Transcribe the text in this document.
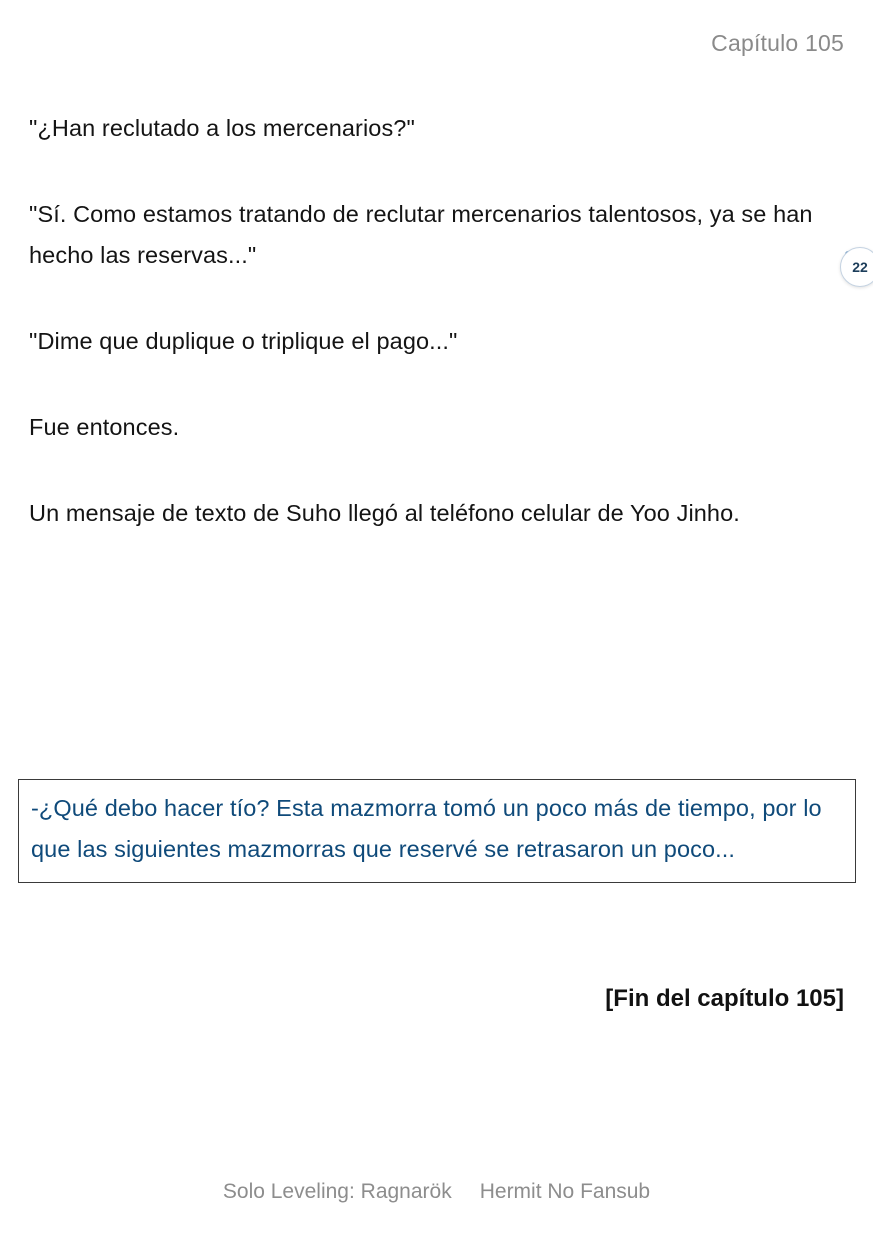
Capítulo 105

"¿Han reclutado a los mercenarios?"

"Sí. Como estamos tratando de reclutar mercenarios talentosos, ya se han hecho las reservas..."

"Dime que duplique o triplique el pago..."

Fue entonces.

Un mensaje de texto de Suho llegó al teléfono celular de Yoo Jinho.

-¿Qué debo hacer tío? Esta mazmorra tomó un poco más de tiempo, por lo que las siguientes mazmorras que reservé se retrasaron un poco...

[Fin del capítulo 105]
Solo Leveling: Ragnarök Hermit No Fansub
22
